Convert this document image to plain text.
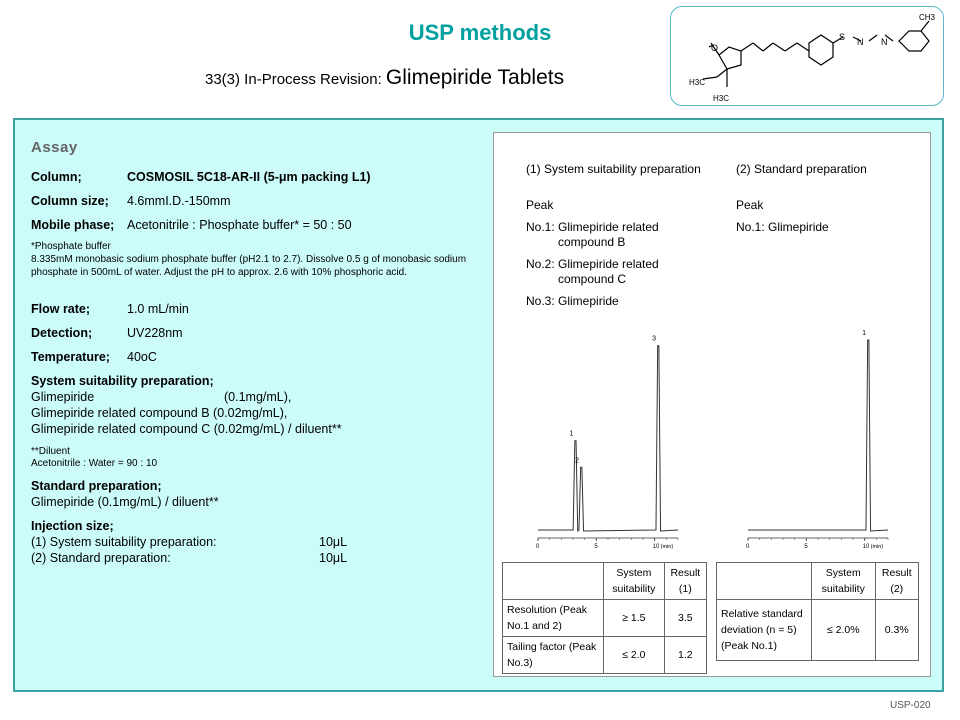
USP methods
33(3) In-Process Revision: Glimepiride Tablets
O
H3C
H3C
S N N
CH3
Assay
Column;	COSMOSIL 5C18-AR-II (5-μm packing L1)
Column size; 4.6mmI.D.-150mm
Mobile phase; Acetonitrile : Phosphate buffer* = 50 : 50
*Phosphate buffer
8.335mM monobasic sodium phosphate buffer (pH2.1 to 2.7). Dissolve 0.5 g of monobasic sodium phosphate in 500mL of water. Adjust the pH to approx. 2.6 with 10% phosphoric acid.
Flow rate;	1.0 mL/min
Detection;	UV228nm
Temperature; 40oC
System suitability preparation;
Glimepiride	(0.1mg/mL),
Glimepiride related compound B (0.02mg/mL),
Glimepiride related compound C (0.02mg/mL) / diluent**
**Diluent
Acetonitrile : Water = 90 : 10
Standard preparation;
Glimepiride (0.1mg/mL) / diluent**
Injection size;
(1) System suitability preparation:	10μL
(2) Standard preparation:	10μL
(1) System suitability preparation	(2) Standard preparation
Peak	Peak
No.1: Glimepiride related compound B
No.2: Glimepiride related compound C
No.3: Glimepiride
No.1: Glimepiride
1
2
3
0	5	10 (min)
1
0	5	10 (min)
	System suitability	Result (1)
Resolution (Peak No.1 and 2)	≥ 1.5	3.5
Tailing factor (Peak No.3)	≤ 2.0	1.2
	System suitability	Result (2)
Relative standard deviation (n = 5)(Peak No.1)	≤ 2.0%	0.3%
USP-020
